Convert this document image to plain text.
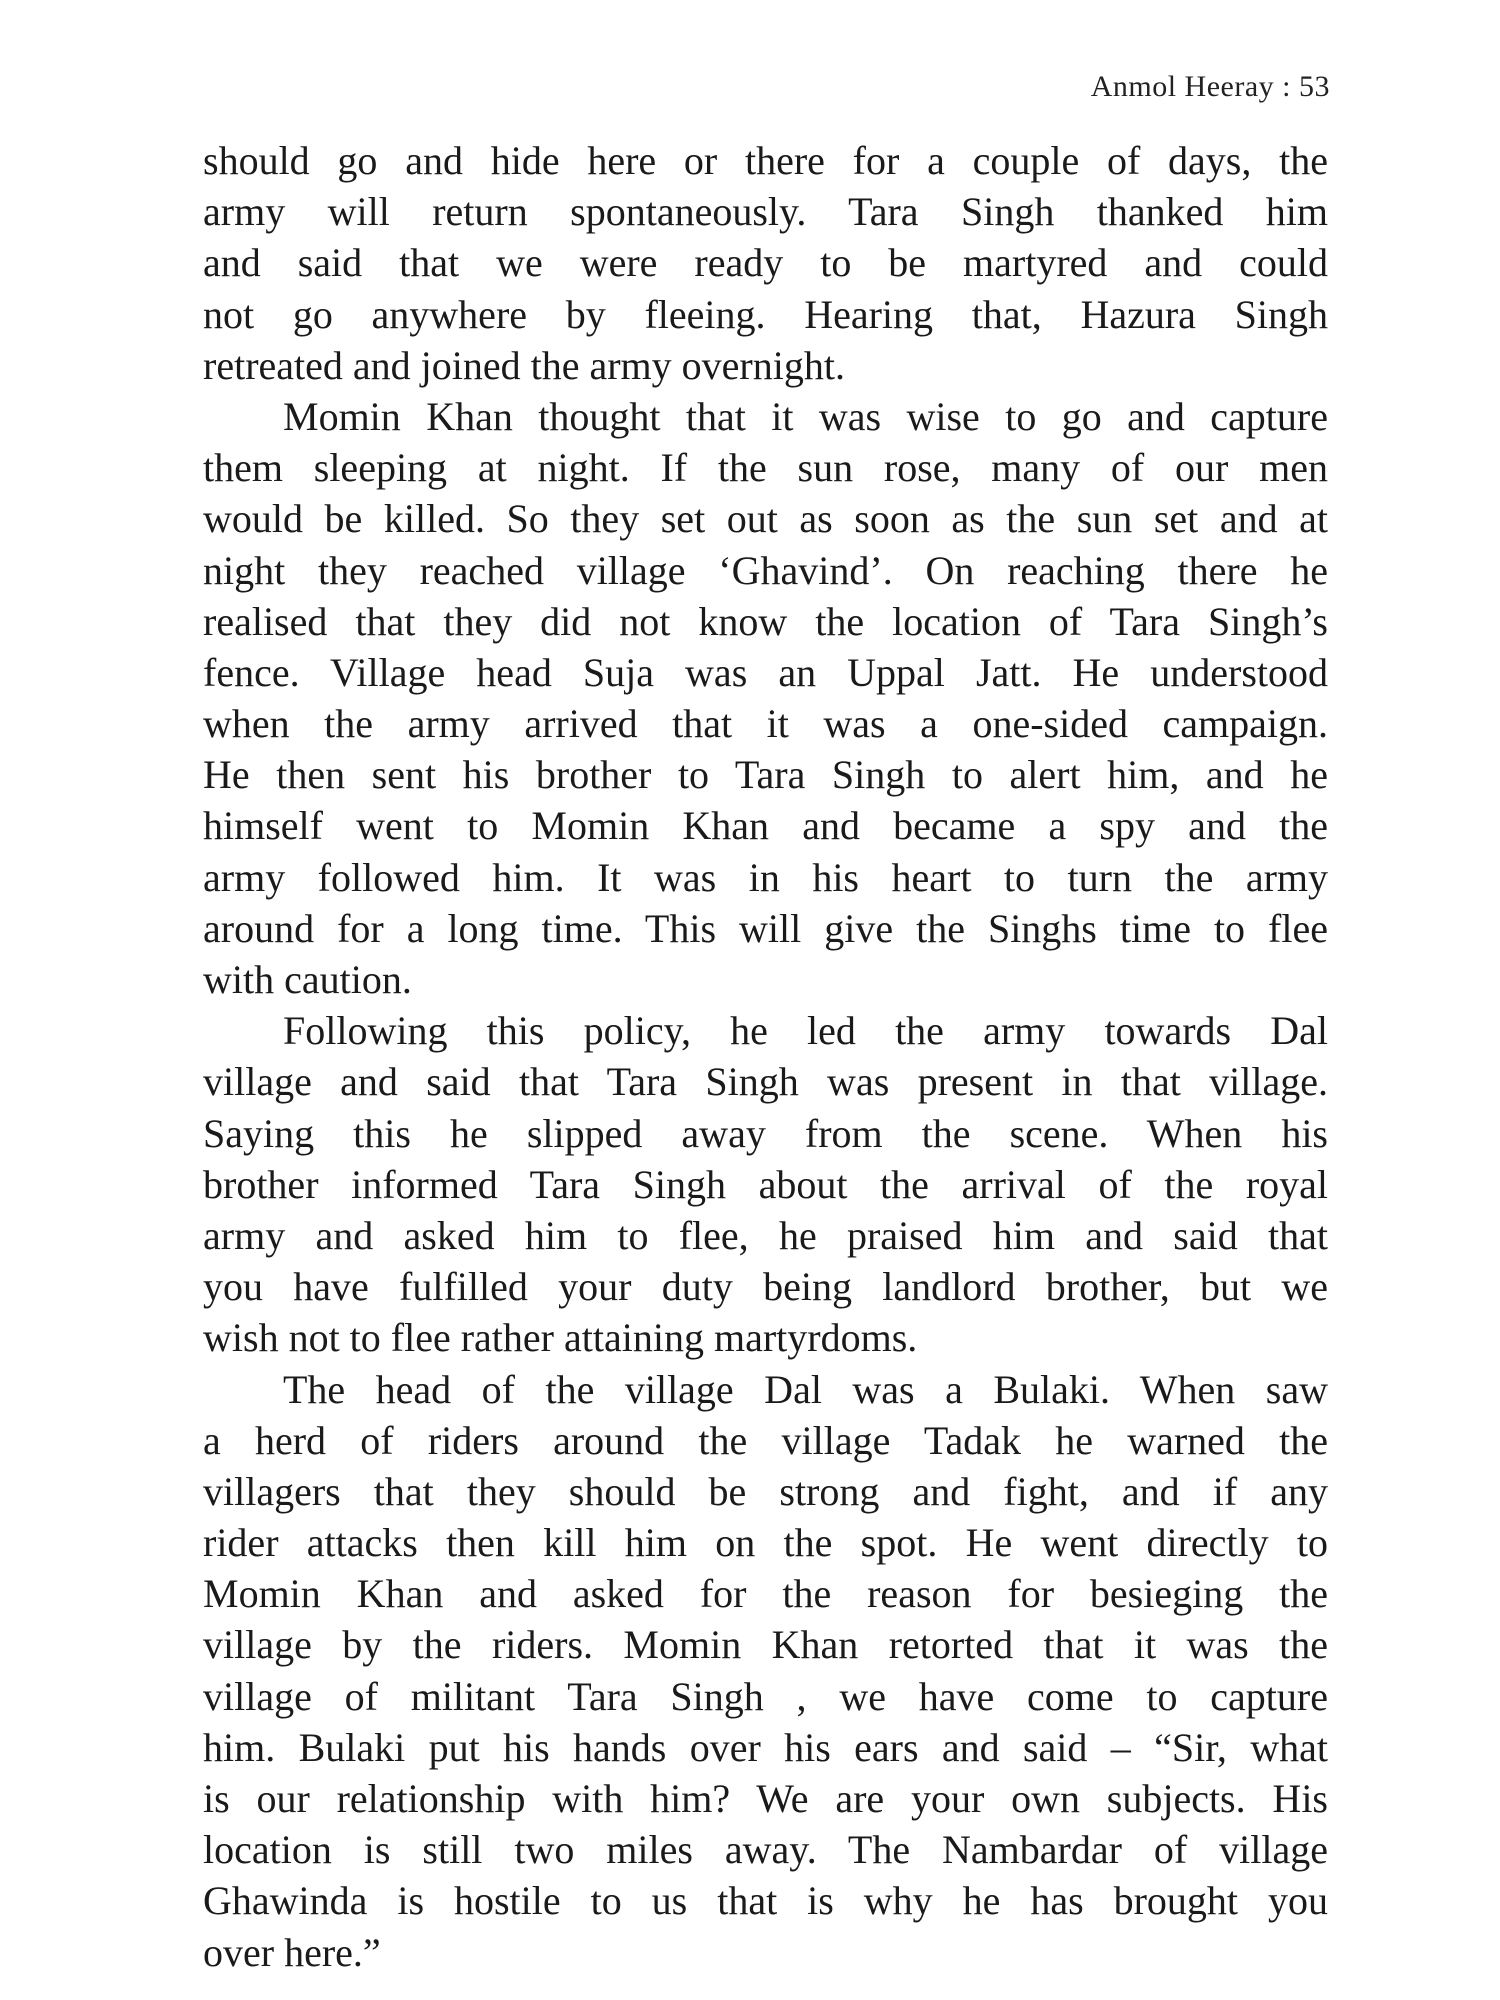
Anmol Heeray : 53
should go and hide here or there for a couple of days, the
army will return spontaneously. Tara Singh thanked him
and said that we were ready to be martyred and could
not go anywhere by fleeing. Hearing that, Hazura Singh
retreated and joined the army overnight.
Momin Khan thought that it was wise to go and capture
them sleeping at night. If the sun rose, many of our men
would be killed. So they set out as soon as the sun set and at
night they reached village ‘Ghavind’. On reaching there he
realised that they did not know the location of Tara Singh’s
fence. Village head Suja was an Uppal Jatt. He understood
when the army arrived that it was a one-sided campaign.
He then sent his brother to Tara Singh to alert him, and he
himself went to Momin Khan and became a spy and the
army followed him. It was in his heart to turn the army
around for a long time. This will give the Singhs time to flee
with caution.
Following this policy, he led the army towards Dal
village and said that Tara Singh was present in that village.
Saying this he slipped away from the scene. When his
brother informed Tara Singh about the arrival of the royal
army and asked him to flee, he praised him and said that
you have fulfilled your duty being landlord brother, but we
wish not to flee rather attaining martyrdoms.
The head of the village Dal was a Bulaki. When saw
a herd of riders around the village Tadak he warned the
villagers that they should be strong and fight, and if any
rider attacks then kill him on the spot. He went directly to
Momin Khan and asked for the reason for besieging the
village by the riders. Momin Khan retorted that it was the
village of militant Tara Singh , we have come to capture
him. Bulaki put his hands over his ears and said – “Sir, what
is our relationship with him? We are your own subjects. His
location is still two miles away. The Nambardar of village
Ghawinda is hostile to us that is why he has brought you
over here.”
